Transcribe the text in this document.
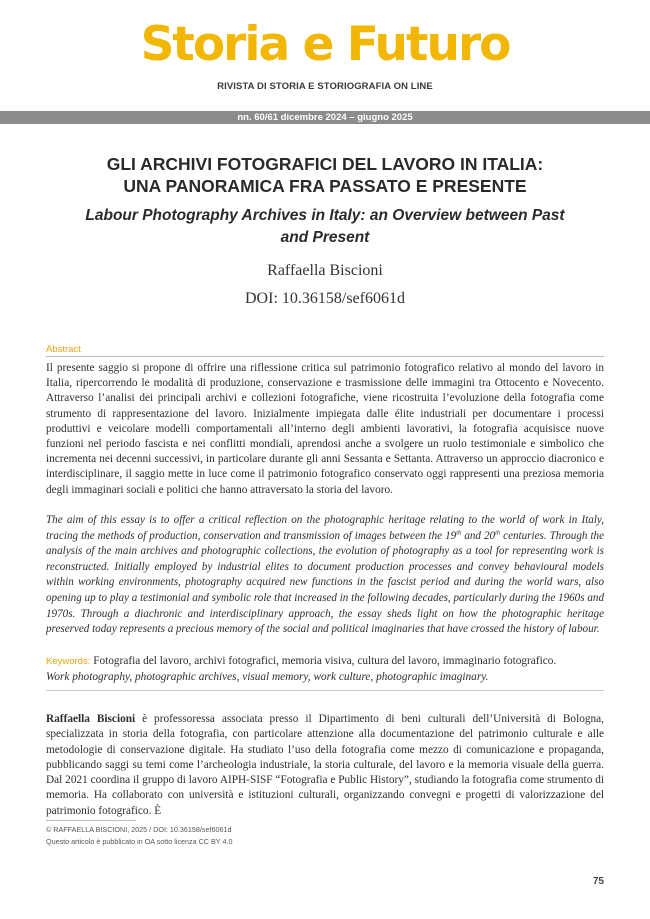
Storia e Futuro
RIVISTA DI STORIA E STORIOGRAFIA ON LINE
nn. 60/61 dicembre 2024 – giugno 2025
GLI ARCHIVI FOTOGRAFICI DEL LAVORO IN ITALIA:
UNA PANORAMICA FRA PASSATO E PRESENTE
Labour Photography Archives in Italy: an Overview between Past
and Present
Raffaella Biscioni
DOI: 10.36158/sef6061d
Abstract

Il presente saggio si propone di offrire una riflessione critica sul patrimonio fotografico relativo al mondo del lavoro in Italia, ripercorrendo le modalità di produzione, conservazione e trasmissione delle immagini tra Ottocento e Novecento. Attraverso l’analisi dei principali archivi e collezioni fotografiche, viene ricostruita l’evoluzione della fotografia come strumento di rappresentazione del lavoro. Inizialmente impiegata dalle élite industriali per documentare i processi produttivi e veicolare modelli comportamentali all’interno degli ambienti lavorativi, la fotografia acquisisce nuove funzioni nel periodo fascista e nei conflitti mondiali, aprendosi anche a svolgere un ruolo testimoniale e simbolico che incrementa nei decenni successivi, in particolare durante gli anni Sessanta e Settanta. Attraverso un approccio diacronico e interdisciplinare, il saggio mette in luce come il patrimonio fotografico conservato oggi rappresenti una preziosa memoria degli immaginari sociali e politici che hanno attraversato la storia del lavoro.

The aim of this essay is to offer a critical reflection on the photographic heritage relating to the world of work in Italy, tracing the methods of production, conservation and transmission of images between the 19th and 20th centuries. Through the analysis of the main archives and photographic collections, the evolution of photography as a tool for representing work is reconstructed. Initially employed by industrial elites to document production processes and convey behavioural models within working environments, photography acquired new functions in the fascist period and during the world wars, also opening up to play a testimonial and symbolic role that increased in the following decades, particularly during the 1960s and 1970s. Through a diachronic and interdisciplinary approach, the essay sheds light on how the photographic heritage preserved today represents a precious memory of the social and political imaginaries that have crossed the history of labour.

Keywords: Fotografia del lavoro, archivi fotografici, memoria visiva, cultura del lavoro, immaginario fotografico.
Work photography, photographic archives, visual memory, work culture, photographic imaginary.

Raffaella Biscioni è professoressa associata presso il Dipartimento di beni culturali dell’Università di Bologna, specializzata in storia della fotografia, con particolare attenzione alla documentazione del patrimonio culturale e alle metodologie di conservazione digitale. Ha studiato l’uso della fotografia come mezzo di comunicazione e propaganda, pubblicando saggi su temi come l’archeologia industriale, la storia culturale, del lavoro e la memoria visuale della guerra. Dal 2021 coordina il gruppo di lavoro AIPH-SISF “Fotografia e Public History”, studiando la fotografia come strumento di memoria. Ha collaborato con università e istituzioni culturali, organizzando convegni e progetti di valorizzazione del patrimonio fotografico. È

© RAFFAELLA BISCIONI, 2025 / DOI: 10.36158/sef6061d
Questo articolo è pubblicato in OA sotto licenza CC BY 4.0
75
